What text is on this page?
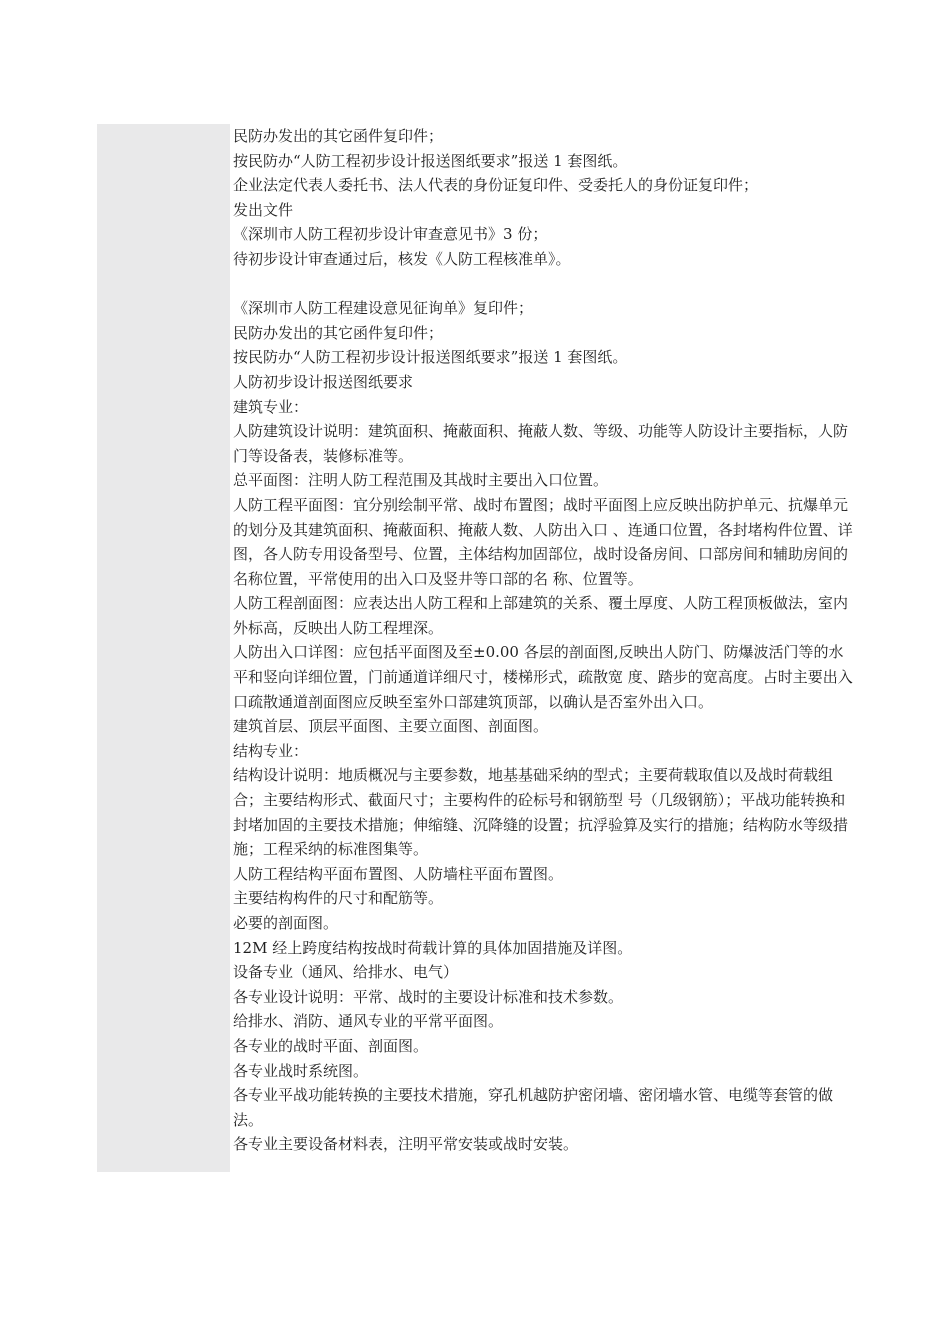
民防办发出的其它函件复印件；

按民防办“人防工程初步设计报送图纸要求”报送 1 套图纸。

企业法定代表人委托书、法人代表的身份证复印件、受委托人的身份证复印件；

发出文件

《深圳市人防工程初步设计审查意见书》3 份；

待初步设计审查通过后，核发《人防工程核准单》。

《深圳市人防工程建设意见征询单》复印件；

民防办发出的其它函件复印件；

按民防办“人防工程初步设计报送图纸要求”报送 1 套图纸。

人防初步设计报送图纸要求

建筑专业：

人防建筑设计说明：建筑面积、掩蔽面积、掩蔽人数、等级、功能等人防设计主要指标，人防门等设备表，装修标准等。

总平面图：注明人防工程范围及其战时主要出入口位置。

人防工程平面图：宜分别绘制平常、战时布置图；战时平面图上应反映出防护单元、抗爆单元的划分及其建筑面积、掩蔽面积、掩蔽人数、人防出入口 、连通口位置，各封堵构件位置、详图，各人防专用设备型号、位置，主体结构加固部位，战时设备房间、口部房间和辅助房间的名称位置，平常使用的出入口及竖井等口部的名 称、位置等。

人防工程剖面图：应表达出人防工程和上部建筑的关系、覆土厚度、人防工程顶板做法，室内外标高，反映出人防工程埋深。

人防出入口详图：应包括平面图及至±0.00 各层的剖面图,反映出人防门、防爆波活门等的水平和竖向详细位置，门前通道详细尺寸，楼梯形式，疏散宽 度、踏步的宽高度。占时主要出入口疏散通道剖面图应反映至室外口部建筑顶部，以确认是否室外出入口。

建筑首层、顶层平面图、主要立面图、剖面图。

结构专业：

结构设计说明：地质概况与主要参数，地基基础采纳的型式；主要荷载取值以及战时荷载组合；主要结构形式、截面尺寸；主要构件的砼标号和钢筋型 号（几级钢筋）；平战功能转换和封堵加固的主要技术措施；伸缩缝、沉降缝的设置；抗浮验算及实行的措施；结构防水等级措施；工程采纳的标准图集等。

人防工程结构平面布置图、人防墙柱平面布置图。

主要结构构件的尺寸和配筋等。

必要的剖面图。

12M 经上跨度结构按战时荷载计算的具体加固措施及详图。

设备专业（通风、给排水、电气）

各专业设计说明：平常、战时的主要设计标准和技术参数。

给排水、消防、通风专业的平常平面图。

各专业的战时平面、剖面图。

各专业战时系统图。

各专业平战功能转换的主要技术措施，穿孔机越防护密闭墙、密闭墙水管、电缆等套管的做法。

各专业主要设备材料表，注明平常安装或战时安装。
